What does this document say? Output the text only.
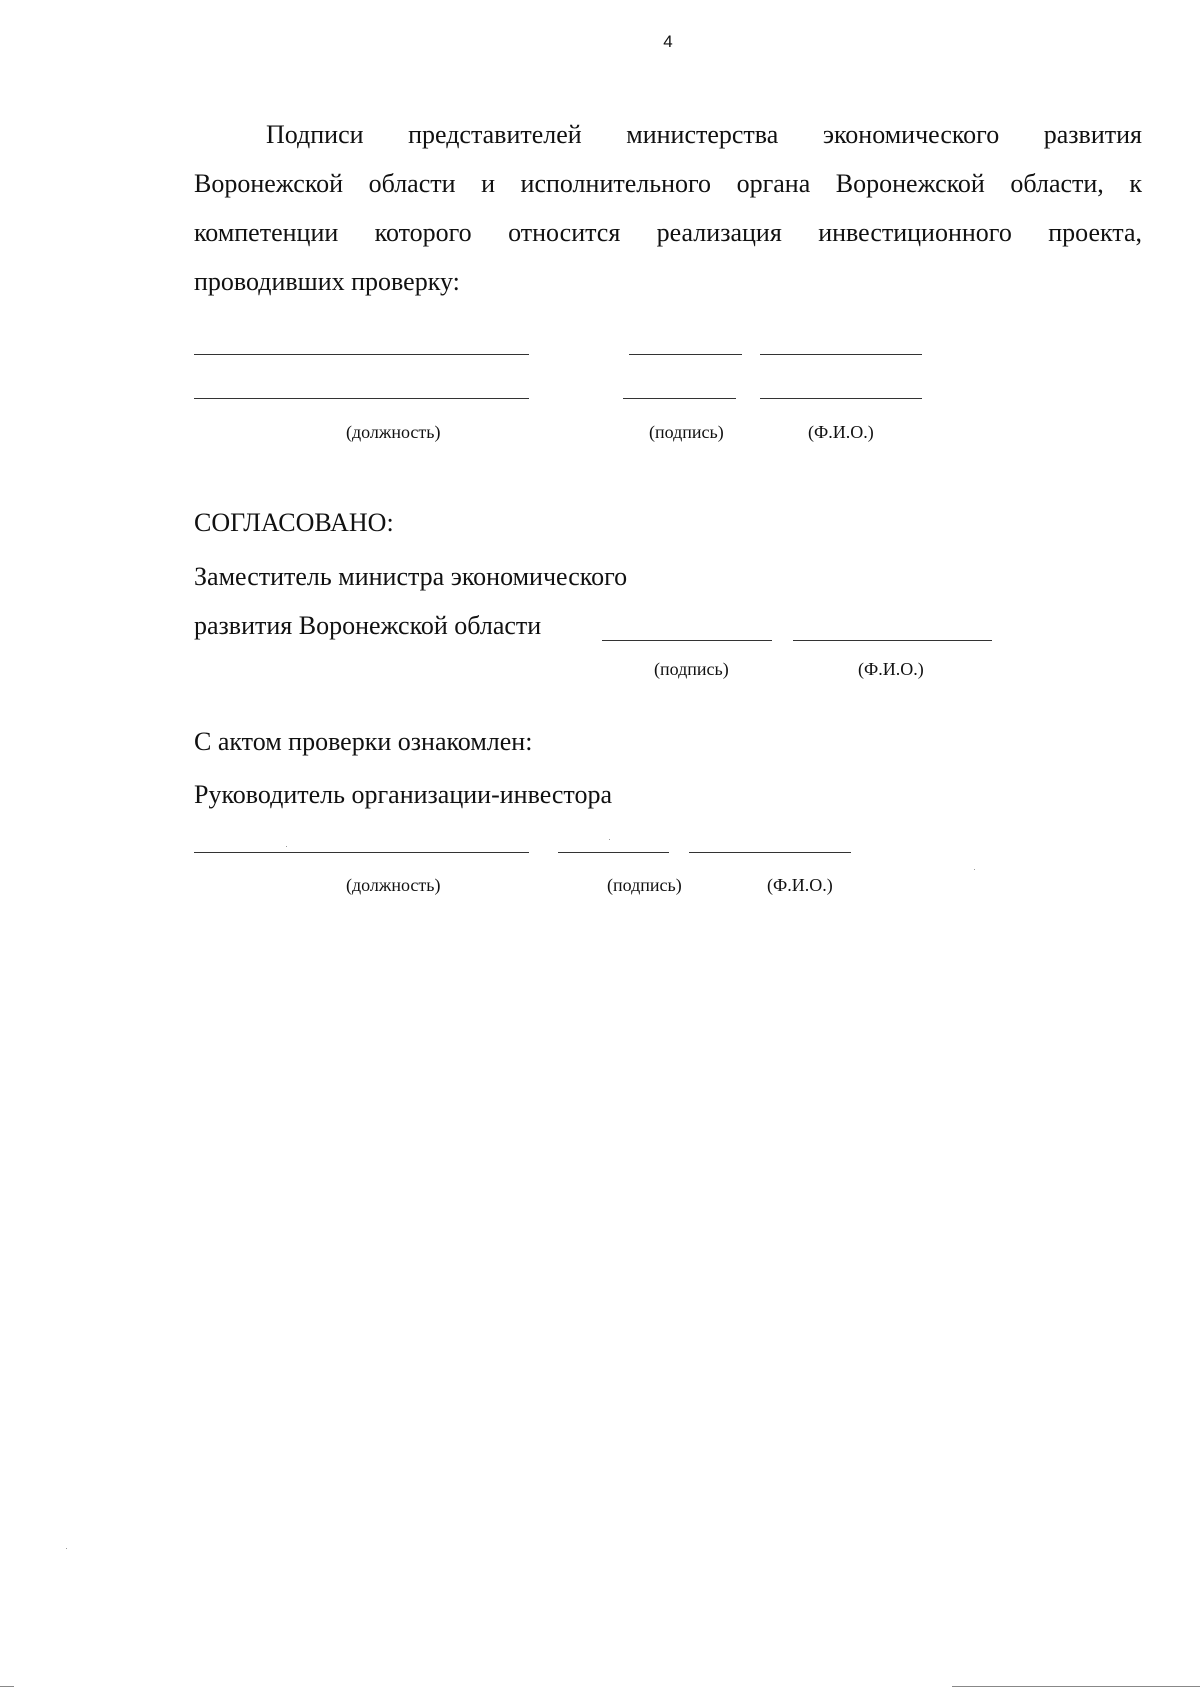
4

Подписи представителей министерства экономического развития Воронежской области и исполнительного органа Воронежской области, к компетенции которого относится реализация инвестиционного проекта, проводивших проверку:

(должность)	(подпись)	(Ф.И.О.)
СОГЛАСОВАНО:
Заместитель министра экономического
развития Воронежской области
(подпись)	(Ф.И.О.)
С актом проверки ознакомлен:
Руководитель организации-инвестора
(должность)	(подпись)	(Ф.И.О.)
